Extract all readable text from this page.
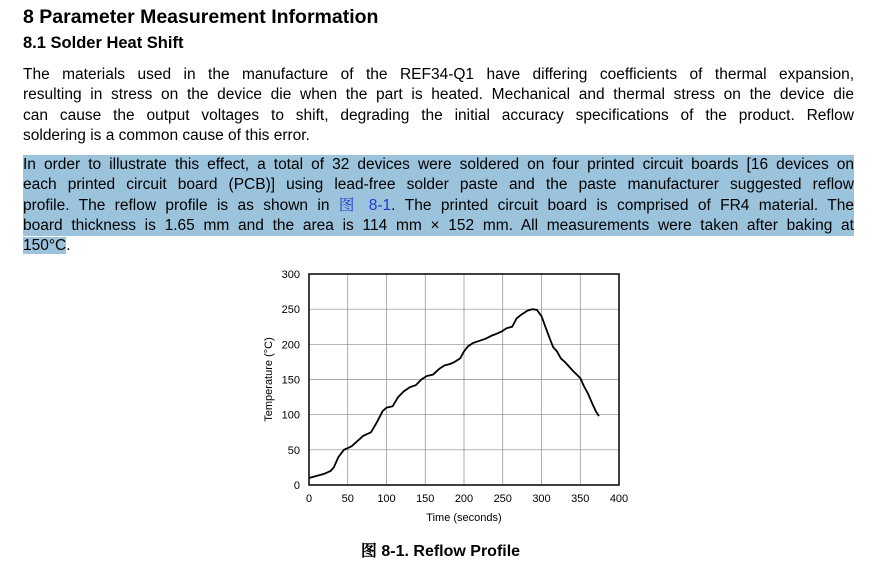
8 Parameter Measurement Information
8.1 Solder Heat Shift
The materials used in the manufacture of the REF34-Q1 have differing coefficients of thermal expansion,
resulting in stress on the device die when the part is heated. Mechanical and thermal stress on the device die
can cause the output voltages to shift, degrading the initial accuracy specifications of the product. Reflow
soldering is a common cause of this error.
In order to illustrate this effect, a total of 32 devices were soldered on four printed circuit boards [16 devices on
each printed circuit board (PCB)] using lead-free solder paste and the paste manufacturer suggested reflow
profile. The reflow profile is as shown in 图 8-1. The printed circuit board is comprised of FR4 material. The
board thickness is 1.65 mm and the area is 114 mm × 152 mm. All measurements were taken after baking at
150°C.
0
50
100
150
200
250
300
0	50 100 150 200 250 300 350 400
Time (seconds)
Temperature (°C)

图 8-1. Reflow Profile
